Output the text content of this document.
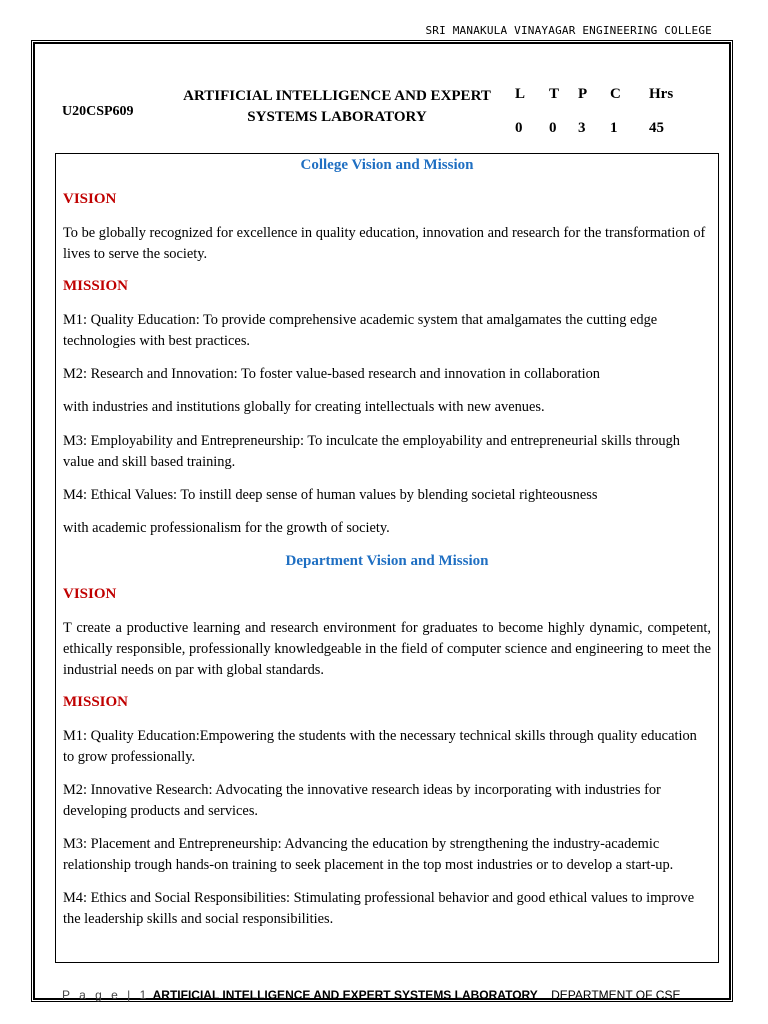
SRI MANAKULA VINAYAGAR ENGINEERING COLLEGE
U20CSP609
ARTIFICIAL INTELLIGENCE AND EXPERT
SYSTEMS LABORATORY
L
0
T
0
P
3
C
1
Hrs
45
College Vision and Mission
VISION
To be globally recognized for excellence in quality education, innovation and research for the transformation of lives to serve the society.
MISSION
M1: Quality Education: To provide comprehensive academic system that amalgamates the cutting edge technologies with best practices.
M2: Research and Innovation: To foster value-based research and innovation in collaboration
with industries and institutions globally for creating intellectuals with new avenues.
M3: Employability and Entrepreneurship: To inculcate the employability and entrepreneurial skills through value and skill based training.
M4: Ethical Values: To instill deep sense of human values by blending societal righteousness
with academic professionalism for the growth of society.
Department Vision and Mission
VISION
T create a productive learning and research environment for graduates to become highly dynamic, competent, ethically responsible, professionally knowledgeable in the field of computer science and engineering to meet the industrial needs on par with global standards.
MISSION
M1: Quality Education:Empowering the students with the necessary technical skills through quality education to grow professionally.
M2: Innovative Research: Advocating the innovative research ideas by incorporating with industries for developing products and services.
M3: Placement and Entrepreneurship: Advancing the education by strengthening the industry-academic relationship trough hands-on training to seek placement in the top most industries or to develop a start-up.
M4: Ethics and Social Responsibilities: Stimulating professional behavior and good ethical values to improve the leadership skills and social responsibilities.
P a g e | 1 ARTIFICIAL INTELLIGENCE AND EXPERT SYSTEMS LABORATORY DEPARTMENT OF CSE
